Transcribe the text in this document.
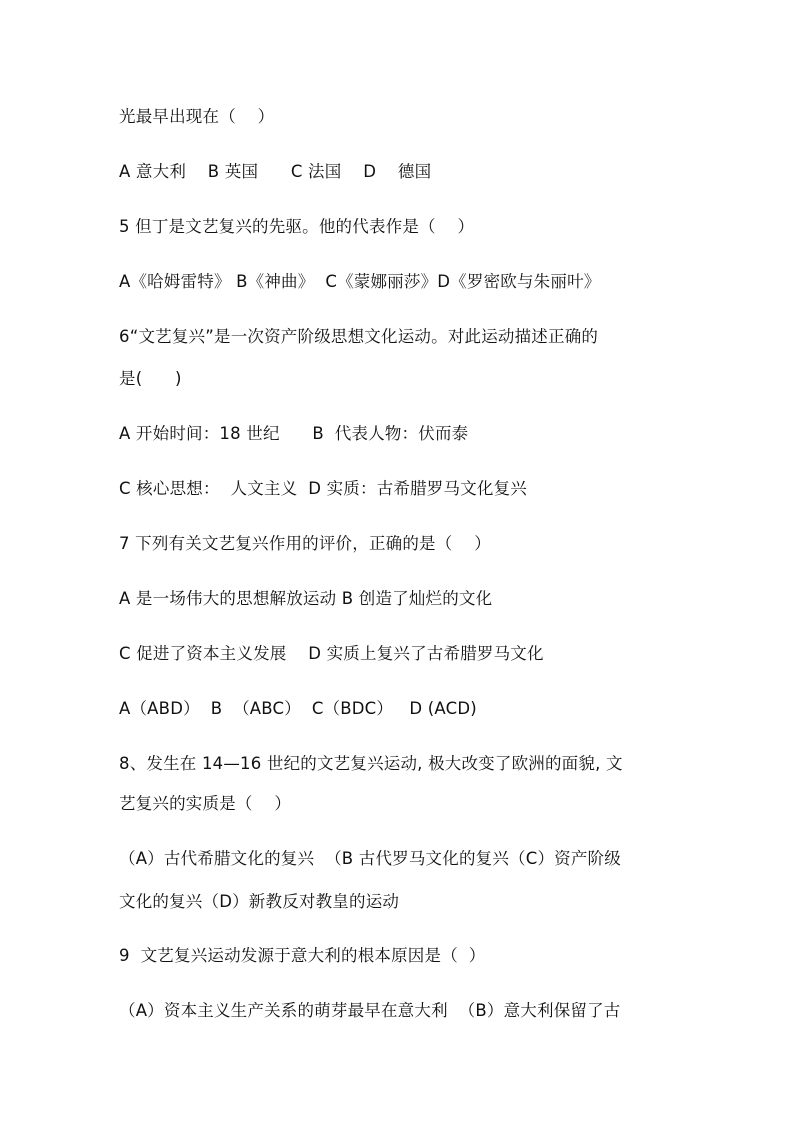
光最早出现在（    ）
A 意大利    B 英国      C 法国    D    德国
5 但丁是文艺复兴的先驱。他的代表作是（    ）
A《哈姆雷特》 B《神曲》  C《蒙娜丽莎》D《罗密欧与朱丽叶》
6“文艺复兴”是一次资产阶级思想文化运动。对此运动描述正确的
是(      )
A 开始时间：18 世纪      B  代表人物：伏而泰
C 核心思想：  人文主义  D 实质：古希腊罗马文化复兴
7 下列有关文艺复兴作用的评价，正确的是（    ）
A 是一场伟大的思想解放运动 B 创造了灿烂的文化
C 促进了资本主义发展    D 实质上复兴了古希腊罗马文化
A（ABD）  B  （ABC）  C（BDC）   D (ACD)
8、发生在 14—16 世纪的文艺复兴运动, 极大改变了欧洲的面貌, 文
艺复兴的实质是（    ）
（A）古代希腊文化的复兴  （B 古代罗马文化的复兴（C）资产阶级
文化的复兴（D）新教反对教皇的运动
9  文艺复兴运动发源于意大利的根本原因是（  ）
（A）资本主义生产关系的萌芽最早在意大利  （B）意大利保留了古
